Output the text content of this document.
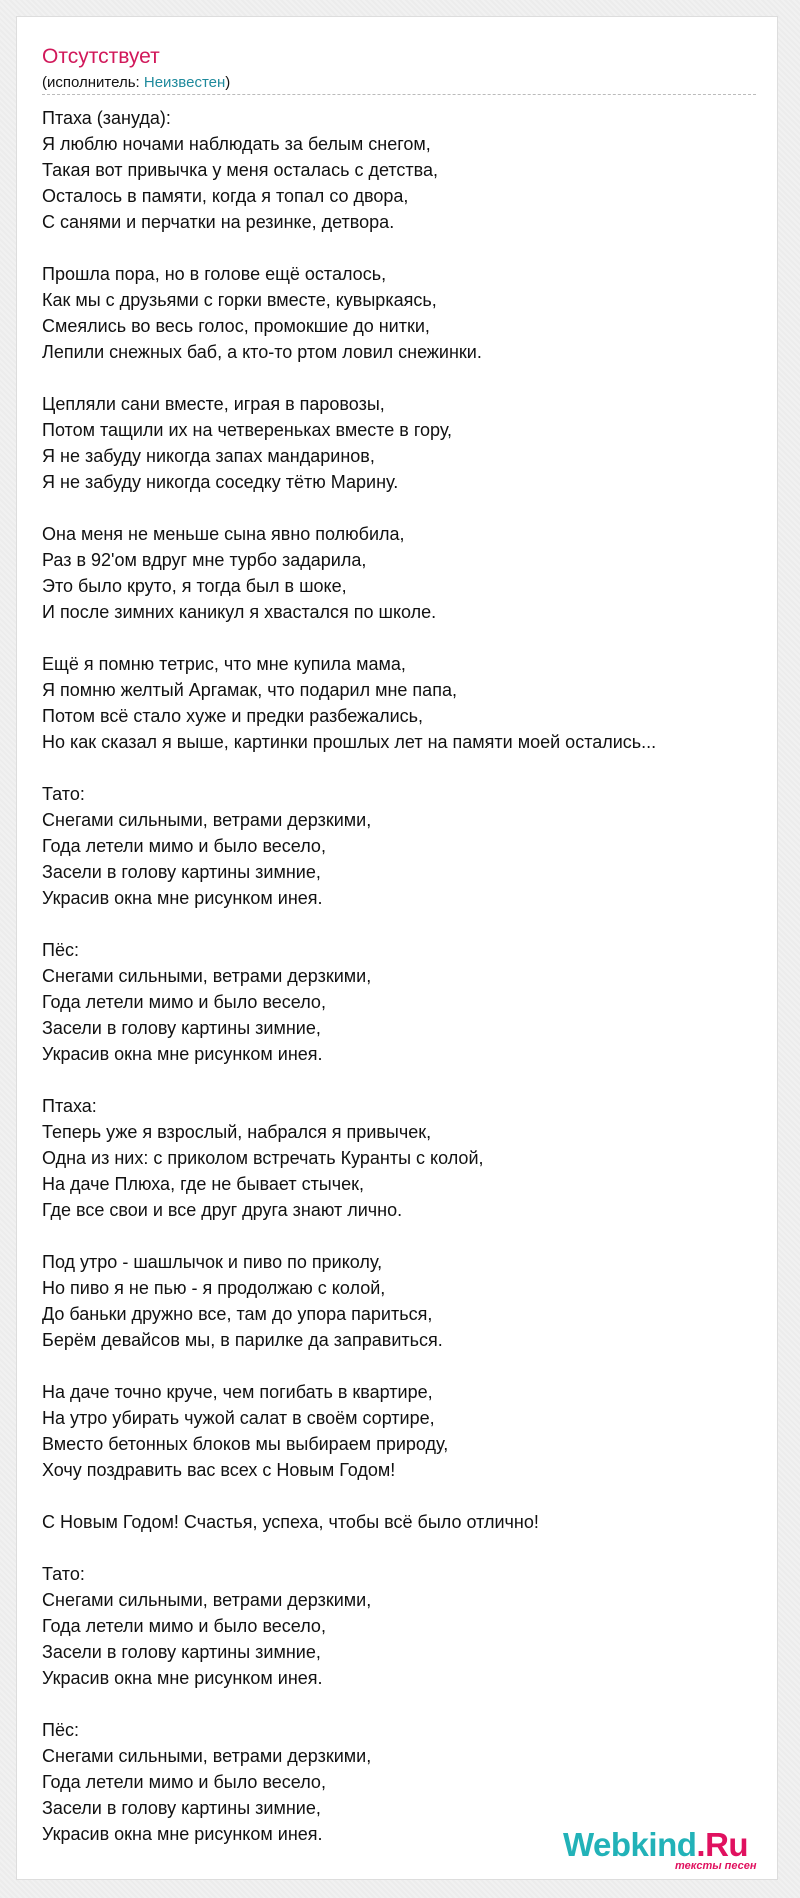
Отсутствует
(исполнитель: Неизвестен)
Птаха (зануда):
Я люблю ночами наблюдать за белым снегом,
Такая вот привычка у меня осталась с детства,
Осталось в памяти, когда я топал со двора,
С санями и перчатки на резинке, детвора.

Прошла пора, но в голове ещё осталось,
Как мы с друзьями с горки вместе, кувыркаясь,
Смеялись во весь голос, промокшие до нитки,
Лепили снежных баб, а кто-то ртом ловил снежинки.

Цепляли сани вместе, играя в паровозы,
Потом тащили их на четвереньках вместе в гору,
Я не забуду никогда запах мандаринов,
Я не забуду никогда соседку тётю Марину.

Она меня не меньше сына явно полюбила,
Раз в 92'ом вдруг мне турбо задарила,
Это было круто, я тогда был в шоке,
И после зимних каникул я хвастался по школе.

Ещё я помню тетрис, что мне купила мама,
Я помню желтый Аргамак, что подарил мне папа,
Потом всё стало хуже и предки разбежались,
Но как сказал я выше, картинки прошлых лет на памяти моей остались...

Тато:
Снегами сильными, ветрами дерзкими,
Года летели мимо и было весело,
Засели в голову картины зимние,
Украсив окна мне рисунком инея.

Пёс:
Снегами сильными, ветрами дерзкими,
Года летели мимо и было весело,
Засели в голову картины зимние,
Украсив окна мне рисунком инея.

Птаха:
Теперь уже я взрослый, набрался я привычек,
Одна из них: с приколом встречать Куранты с колой,
На даче Плюха, где не бывает стычек,
Где все свои и все друг друга знают лично.

Под утро - шашлычок и пиво по приколу,
Но пиво я не пью - я продолжаю с колой,
До баньки дружно все, там до упора париться,
Берём девайсов мы, в парилке да заправиться.

На даче точно круче, чем погибать в квартире,
На утро убирать чужой салат в своём сортире,
Вместо бетонных блоков мы выбираем природу,
Хочу поздравить вас всех с Новым Годом!

С Новым Годом! Счастья, успеха, чтобы всё было отлично!

Тато:
Снегами сильными, ветрами дерзкими,
Года летели мимо и было весело,
Засели в голову картины зимние,
Украсив окна мне рисунком инея.

Пёс:
Снегами сильными, ветрами дерзкими,
Года летели мимо и было весело,
Засели в голову картины зимние,
Украсив окна мне рисунком инея.	Webkind.Ru
тексты песен
